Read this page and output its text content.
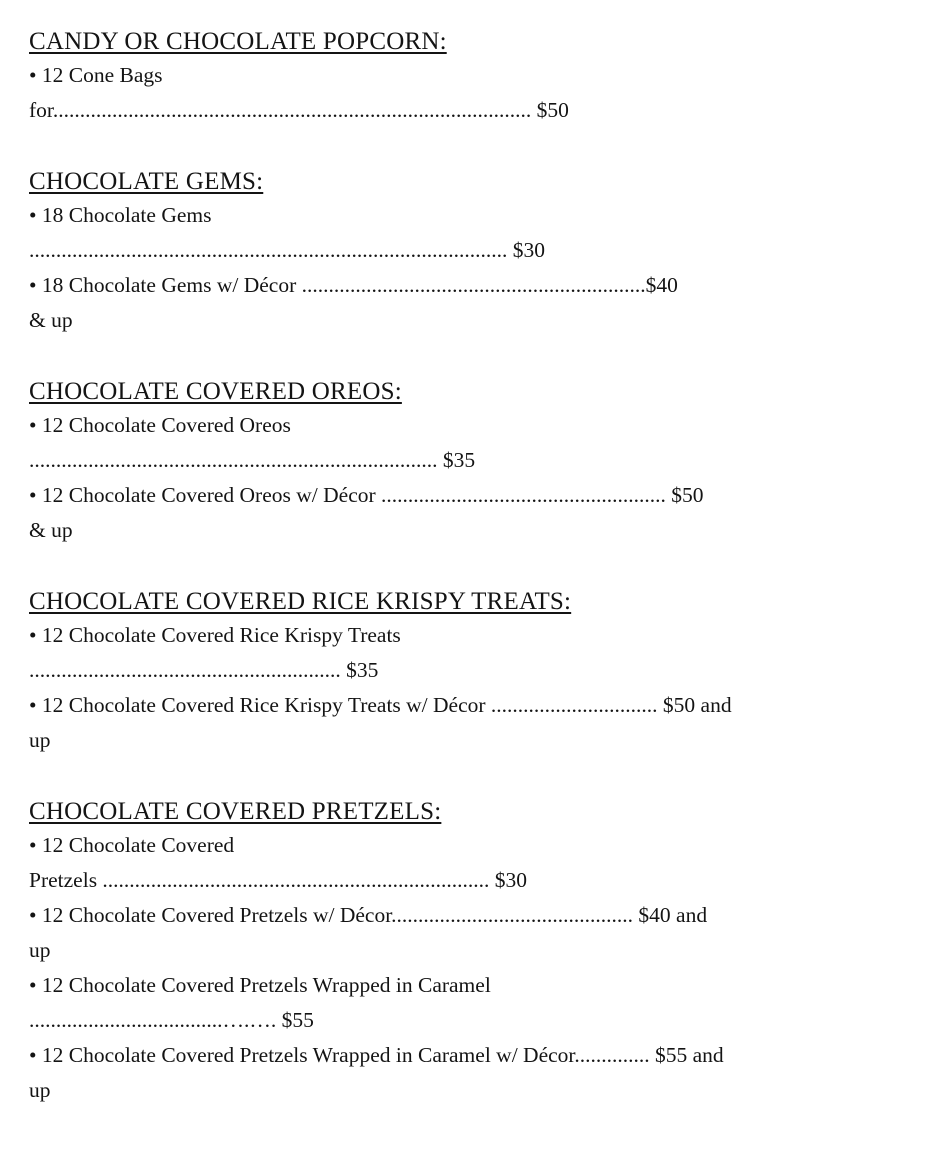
CANDY OR CHOCOLATE POPCORN:

• 12 Cone Bags

for......................................................................................... $50

CHOCOLATE GEMS:

• 18 Chocolate Gems

......................................................................................... $30

• 18 Chocolate Gems w/ Décor ................................................................$40

& up

CHOCOLATE COVERED OREOS:

• 12 Chocolate Covered Oreos

............................................................................ $35

• 12 Chocolate Covered Oreos w/ Décor ..................................................... $50

& up

CHOCOLATE COVERED RICE KRISPY TREATS:

• 12 Chocolate Covered Rice Krispy Treats

.......................................................... $35

• 12 Chocolate Covered Rice Krispy Treats w/ Décor ............................... $50 and

up

CHOCOLATE COVERED PRETZELS:

• 12 Chocolate Covered

Pretzels ........................................................................ $30

• 12 Chocolate Covered Pretzels w/ Décor............................................. $40 and

up

• 12 Chocolate Covered Pretzels Wrapped in Caramel

....................................….…. $55

• 12 Chocolate Covered Pretzels Wrapped in Caramel w/ Décor.............. $55 and

up
